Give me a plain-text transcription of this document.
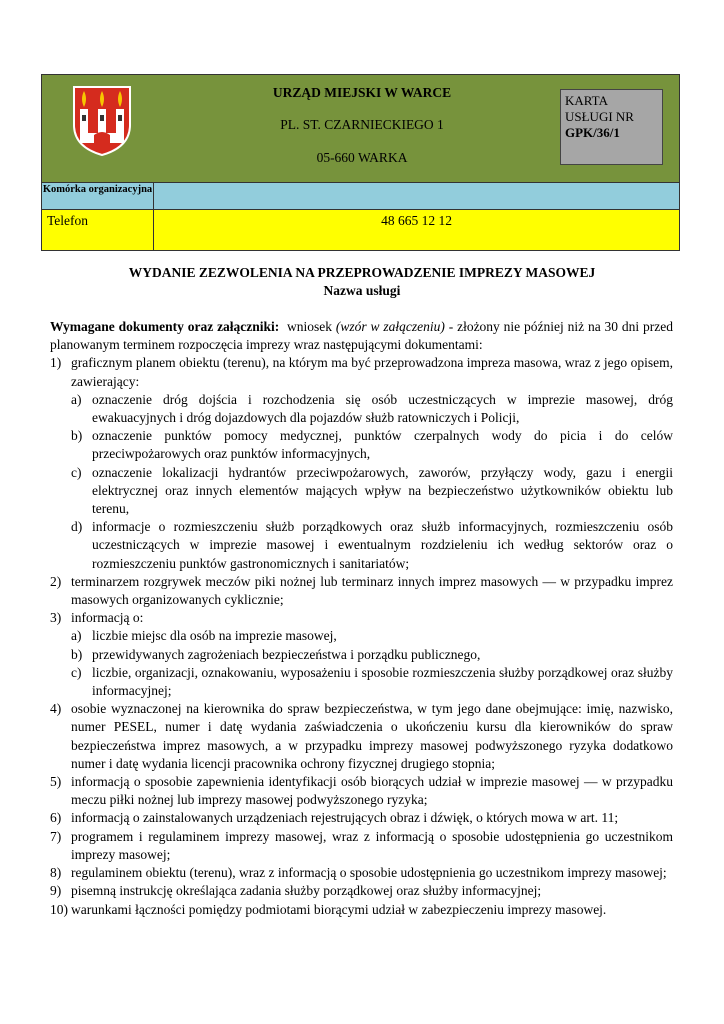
URZĄD MIEJSKI W WARCE
PL. ST. CZARNIECKIEGO 1
05-660 WARKA
KARTA
USŁUGI NR
GPK/36/1
Komórka organizacyjna
Telefon	48 665 12 12
WYDANIE ZEZWOLENIA NA PRZEPROWADZENIE IMPREZY MASOWEJ
Nazwa usługi

Wymagane dokumenty oraz załączniki: wniosek (wzór w załączeniu) - złożony nie później niż na 30 dni przed planowanym terminem rozpoczęcia imprezy wraz następującymi dokumentami:

1) graficznym planem obiektu (terenu), na którym ma być przeprowadzona impreza masowa, wraz z jego opisem, zawierający:
a) oznaczenie dróg dojścia i rozchodzenia się osób uczestniczących w imprezie masowej, dróg ewakuacyjnych i dróg dojazdowych dla pojazdów służb ratowniczych i Policji,
b) oznaczenie punktów pomocy medycznej, punktów czerpalnych wody do picia i do celów przeciwpożarowych oraz punktów informacyjnych,
c) oznaczenie lokalizacji hydrantów przeciwpożarowych, zaworów, przyłączy wody, gazu i energii elektrycznej oraz innych elementów mających wpływ na bezpieczeństwo użytkowników obiektu lub terenu,
d) informacje o rozmieszczeniu służb porządkowych oraz służb informacyjnych, rozmieszczeniu osób uczestniczących w imprezie masowej i ewentualnym rozdzieleniu ich według sektorów oraz o rozmieszczeniu punktów gastronomicznych i sanitariatów;
2) terminarzem rozgrywek meczów piki nożnej lub terminarz innych imprez masowych — w przypadku imprez masowych organizowanych cyklicznie;
3) informacją o:
a) liczbie miejsc dla osób na imprezie masowej,
b) przewidywanych zagrożeniach bezpieczeństwa i porządku publicznego,
c) liczbie, organizacji, oznakowaniu, wyposażeniu i sposobie rozmieszczenia służby porządkowej oraz służby informacyjnej;
4) osobie wyznaczonej na kierownika do spraw bezpieczeństwa, w tym jego dane obejmujące: imię, nazwisko, numer PESEL, numer i datę wydania zaświadczenia o ukończeniu kursu dla kierowników do spraw bezpieczeństwa imprez masowych, a w przypadku imprezy masowej podwyższonego ryzyka dodatkowo numer i datę wydania licencji pracownika ochrony fizycznej drugiego stopnia;
5) informacją o sposobie zapewnienia identyfikacji osób biorących udział w imprezie masowej — w przypadku meczu piłki nożnej lub imprezy masowej podwyższonego ryzyka;
6) informacją o zainstalowanych urządzeniach rejestrujących obraz i dźwięk, o których mowa w art. 11;
7) programem i regulaminem imprezy masowej, wraz z informacją o sposobie udostępnienia go uczestnikom imprezy masowej;
8) regulaminem obiektu (terenu), wraz z informacją o sposobie udostępnienia go uczestnikom imprezy masowej;
9) pisemną instrukcję określająca zadania służby porządkowej oraz służby informacyjnej;
10) warunkami łączności pomiędzy podmiotami biorącymi udział w zabezpieczeniu imprezy masowej.
